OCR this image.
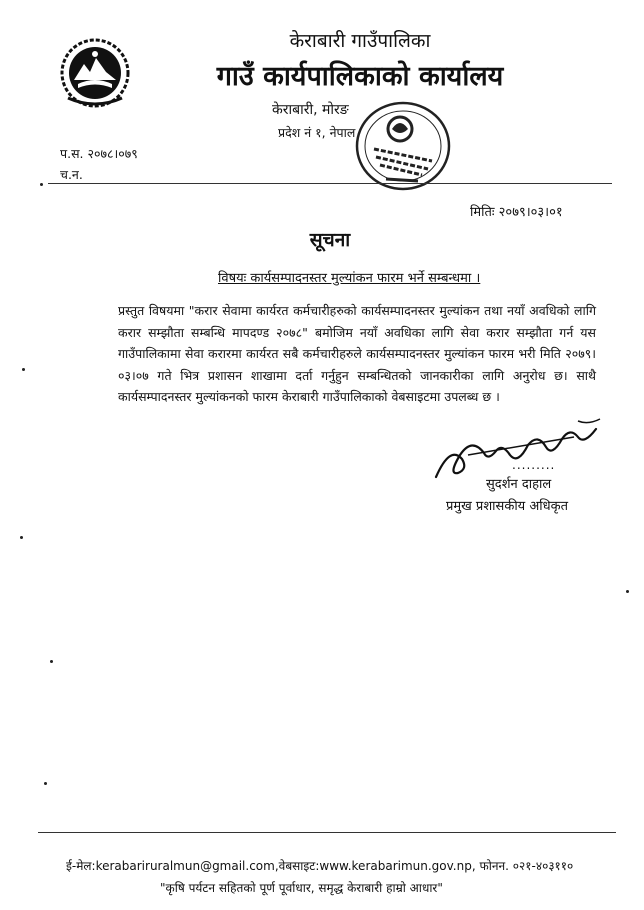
केराबारी गाउँपालिका
गाउँ कार्यपालिकाको कार्यालय
केराबारी, मोरङ
प्रदेश नं १, नेपाल
प.स. २०७८।०७९
च.न.
मितिः २०७९।०३।०१
सूचना
विषयः कार्यसम्पादनस्तर मुल्यांकन फारम भर्ने सम्बन्धमा ।
प्रस्तुत विषयमा "करार सेवामा कार्यरत कर्मचारीहरुको कार्यसम्पादनस्तर मुल्यांकन तथा नयाँ अवधिको लागि करार सम्झौता सम्बन्धि मापदण्ड २०७८" बमोजिम नयाँ अवधिका लागि सेवा करार सम्झौता गर्न यस गाउँपालिकामा सेवा करारमा कार्यरत सबै कर्मचारीहरुले कार्यसम्पादनस्तर मुल्यांकन फारम भरी मिति २०७९।०३।०७ गते भित्र प्रशासन शाखामा दर्ता गर्नुहुन सम्बन्धितको जानकारीका लागि अनुरोध छ। साथै कार्यसम्पादनस्तर मुल्यांकनको फारम केराबारी गाउँपालिकाको वेबसाइटमा उपलब्ध छ ।
.........
सुदर्शन दाहाल
प्रमुख प्रशासकीय अधिकृत
ई-मेल:kerabariruralmun@gmail.com,वेबसाइट:www.kerabarimun.gov.np, फोनन. ०२१-४०३११०
"कृषि पर्यटन सहितको पूर्ण पूर्वाधार, समृद्ध केराबारी हाम्रो आधार"
